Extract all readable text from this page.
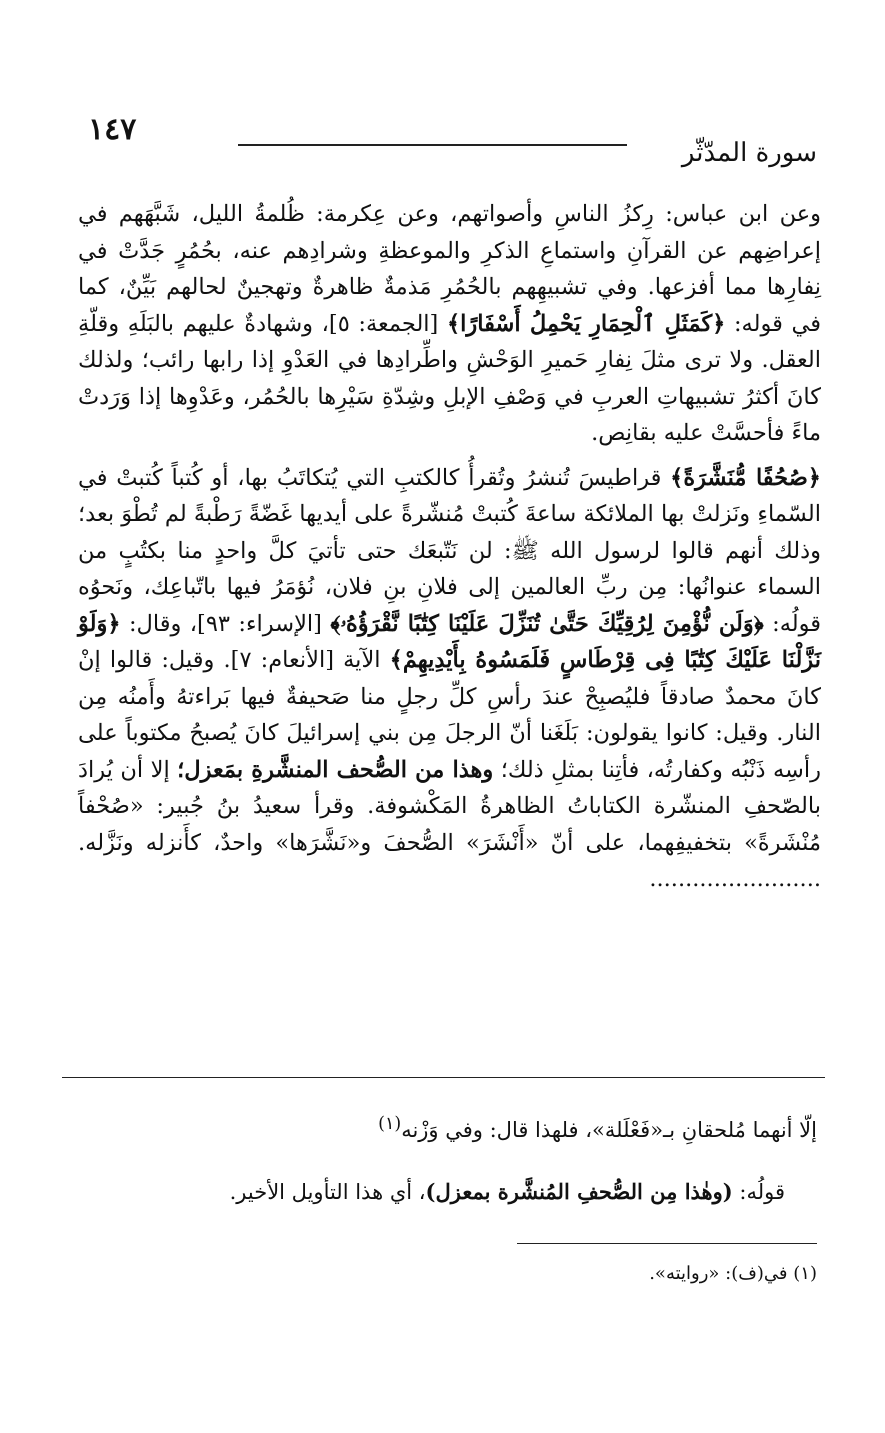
١٤٧
سورة المدّثّر

وعن ابن عباس: رِكزُ الناسِ وأصواتهم، وعن عِكرمة: ظُلمةُ الليل، شَبَّهَهم في إعراضِهم عن القرآنِ واستماعِ الذكرِ والموعظةِ وشرادِهم عنه، بحُمُرٍ جَدَّتْ في نِفارِها مما أفزعها. وفي تشبيهِهم بالحُمُرِ مَذمةٌ ظاهرةٌ وتهجينٌ لحالهم بَيِّنٌ، كما في قوله: ﴿كَمَثَلِ ٱلْحِمَارِ يَحْمِلُ أَسْفَارًا﴾ [الجمعة: ٥]، وشهادةٌ عليهم بالبَلَهِ وقلّةِ العقل. ولا ترى مثلَ نِفارِ حَميرِ الوَحْشِ واطِّرادِها في العَدْوِ إذا رابها رائب؛ ولذلك كانَ أكثرُ تشبيهاتِ العربِ في وَصْفِ الإبلِ وشِدّةِ سَيْرِها بالحُمُر، وعَدْوِها إذا وَرَدتْ ماءً فأحسَّتْ عليه بقانِص.

﴿صُحُفًا مُّنَشَّرَةً﴾ قراطيسَ تُنشرُ وتُقرأُ كالكتبِ التي يُتكاتَبُ بها، أو كُتباً كُتبتْ في السّماءِ ونَزلتْ بها الملائكة ساعةَ كُتبتْ مُنشّرةً على أيديها غَضّةً رَطْبةً لم تُطْوَ بعد؛ وذلك أنهم قالوا لرسول الله ﷺ: لن نَتّبعَك حتى تأتيَ كلَّ واحدٍ منا بكتُبٍ من السماء عنوانُها: مِن ربِّ العالمين إلى فلانِ بنِ فلان، نُؤمَرُ فيها باتّباعِك، ونَحوُه قولُه: ﴿وَلَن نُّؤْمِنَ لِرُقِيِّكَ حَتَّىٰ تُنَزِّلَ عَلَيْنَا كِتَٰبًا نَّقْرَؤُهُۥ﴾ [الإسراء: ٩٣]، وقال: ﴿وَلَوْ نَزَّلْنَا عَلَيْكَ كِتَٰبًا فِى قِرْطَاسٍ فَلَمَسُوهُ بِأَيْدِيهِمْ﴾ الآية [الأنعام: ٧]. وقيل: قالوا إنْ كانَ محمدٌ صادقاً فليُصبِحْ عندَ رأسِ كلِّ رجلٍ منا صَحيفةٌ فيها بَراءتهُ وأَمنُه مِن النار. وقيل: كانوا يقولون: بَلَغَنا أنّ الرجلَ مِن بني إسرائيلَ كانَ يُصبحُ مكتوباً على رأسِه ذَنْبُه وكفارتُه، فأتِنا بمثلِ ذلك؛ وهذا من الصُّحف المنشَّرةِ بمَعزل؛ إلا أن يُرادَ بالصّحفِ المنشّرة الكتاباتُ الظاهرةُ المَكْشوفة. وقرأ سعيدُ بنُ جُبير: «صُحْفاً مُنْشَرةً» بتخفيفِهما، على أنّ «أَنْشَرَ» الصُّحفَ و«نَشَّرَها» واحدٌ، كأَنزله ونَزَّله. ........................

إلّا أنهما مُلحقانِ بـ«فَعْلَلة»، فلهذا قال: وفي وَزْنه$^{(١)}$

قولُه: (وهٰذا مِن الصُّحفِ المُنشَّرة بمعزل)، أي هذا التأويل الأخير.

(١) في(ف): «روايته».
